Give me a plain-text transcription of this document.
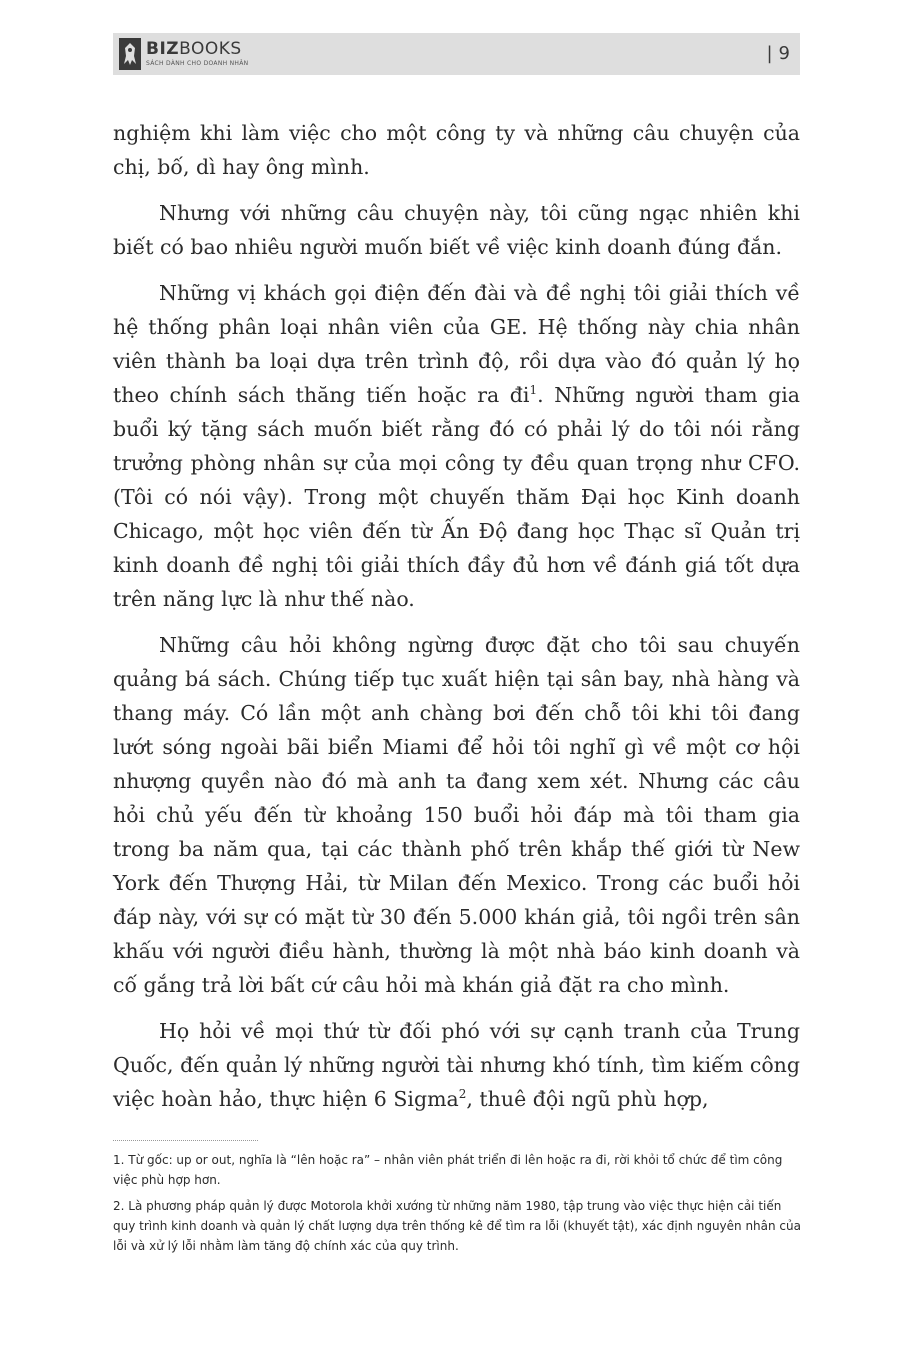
BIZBOOKS
SÁCH DÀNH CHO DOANH NHÂN	| 9

nghiệm khi làm việc cho một công ty và những câu chuyện của chị, bố, dì hay ông mình.

Nhưng với những câu chuyện này, tôi cũng ngạc nhiên khi biết có bao nhiêu người muốn biết về việc kinh doanh đúng đắn.

Những vị khách gọi điện đến đài và đề nghị tôi giải thích về hệ thống phân loại nhân viên của GE. Hệ thống này chia nhân viên thành ba loại dựa trên trình độ, rồi dựa vào đó quản lý họ theo chính sách thăng tiến hoặc ra $đi^1$. Những người tham gia buổi ký tặng sách muốn biết rằng đó có phải lý do tôi nói rằng trưởng phòng nhân sự của mọi công ty đều quan trọng như CFO. (Tôi có nói vậy). Trong một chuyến thăm Đại học Kinh doanh Chicago, một học viên đến từ Ấn Độ đang học Thạc sĩ Quản trị kinh doanh đề nghị tôi giải thích đầy đủ hơn về đánh giá tốt dựa trên năng lực là như thế nào.

Những câu hỏi không ngừng được đặt cho tôi sau chuyến quảng bá sách. Chúng tiếp tục xuất hiện tại sân bay, nhà hàng và thang máy. Có lần một anh chàng bơi đến chỗ tôi khi tôi đang lướt sóng ngoài bãi biển Miami để hỏi tôi nghĩ gì về một cơ hội nhượng quyền nào đó mà anh ta đang xem xét. Nhưng các câu hỏi chủ yếu đến từ khoảng 150 buổi hỏi đáp mà tôi tham gia trong ba năm qua, tại các thành phố trên khắp thế giới từ New York đến Thượng Hải, từ Milan đến Mexico. Trong các buổi hỏi đáp này, với sự có mặt từ 30 đến 5.000 khán giả, tôi ngồi trên sân khấu với người điều hành, thường là một nhà báo kinh doanh và cố gắng trả lời bất cứ câu hỏi mà khán giả đặt ra cho mình.

Họ hỏi về mọi thứ từ đối phó với sự cạnh tranh của Trung Quốc, đến quản lý những người tài nhưng khó tính, tìm kiếm công việc hoàn hảo, thực hiện 6 Sigma$^2$, thuê đội ngũ phù hợp,

1. Từ gốc: up or out, nghĩa là “lên hoặc ra” – nhân viên phát triển đi lên hoặc ra đi, rời khỏi tổ chức để tìm công việc phù hợp hơn.

2. Là phương pháp quản lý được Motorola khởi xướng từ những năm 1980, tập trung vào việc thực hiện cải tiến quy trình kinh doanh và quản lý chất lượng dựa trên thống kê để tìm ra lỗi (khuyết tật), xác định nguyên nhân của lỗi và xử lý lỗi nhằm làm tăng độ chính xác của quy trình.
